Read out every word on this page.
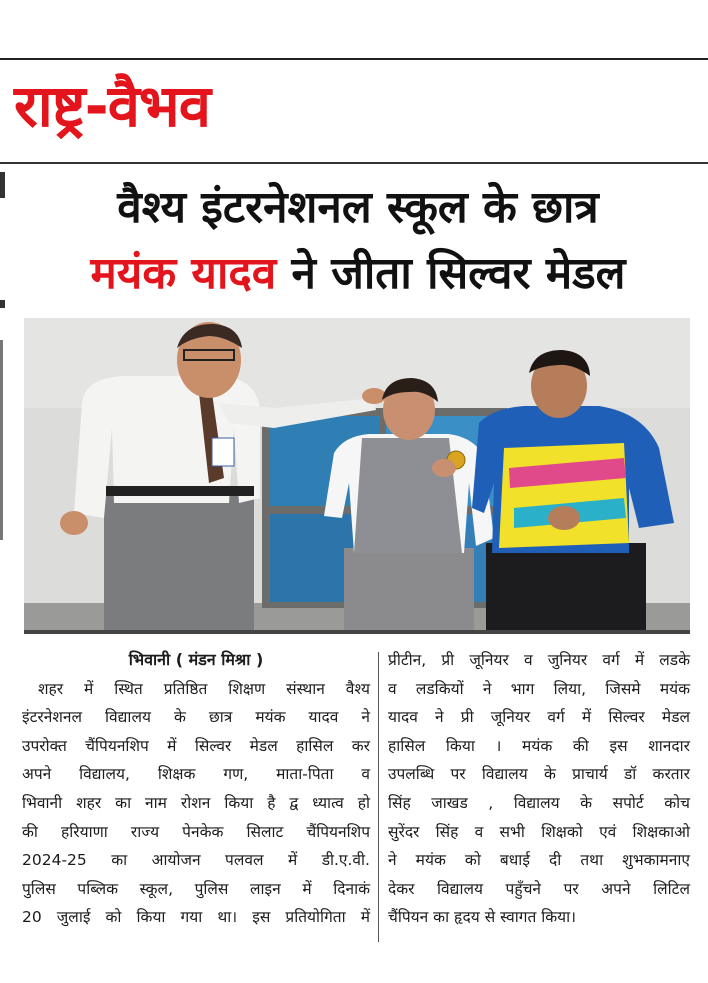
राष्ट्र-वैभव
वैश्य इंटरनेशनल स्कूल के छात्र
मयंक यादव ने जीता सिल्वर मेडल
भिवानी ( मंडन मिश्रा )
शहर में स्थित प्रतिष्ठित शिक्षण संस्थान वैश्य
इंटरनेशनल विद्यालय के छात्र मयंक यादव ने
उपरोक्त चैंपियनशिप में सिल्वर मेडल हासिल कर
अपने विद्यालय, शिक्षक गण, माता-पिता व
भिवानी शहर का नाम रोशन किया है द्व ध्यात्व हो
की हरियाणा राज्य पेनकेक सिलाट चैंपियनशिप
2024-25 का आयोजन पलवल में डी.ए.वी.
पुलिस पब्लिक स्कूल, पुलिस लाइन में दिनाकं
20 जुलाई को किया गया था। इस प्रतियोगिता में
प्रीटीन, प्री जूनियर व जुनियर वर्ग में लडके
व लडकियों ने भाग लिया, जिसमे मयंक
यादव ने प्री जूनियर वर्ग में सिल्वर मेडल
हासिल किया । मयंक की इस शानदार
उपलब्धि पर विद्यालय के प्राचार्य डॉ करतार
सिंह जाखड , विद्यालय के सपोर्ट कोच
सुरेंदर सिंह व सभी शिक्षको एवं शिक्षकाओ
ने मयंक को बधाई दी तथा शुभकामनाए
देकर विद्यालय पहुँचने पर अपने लिटिल
चैंपियन का हृदय से स्वागत किया।
